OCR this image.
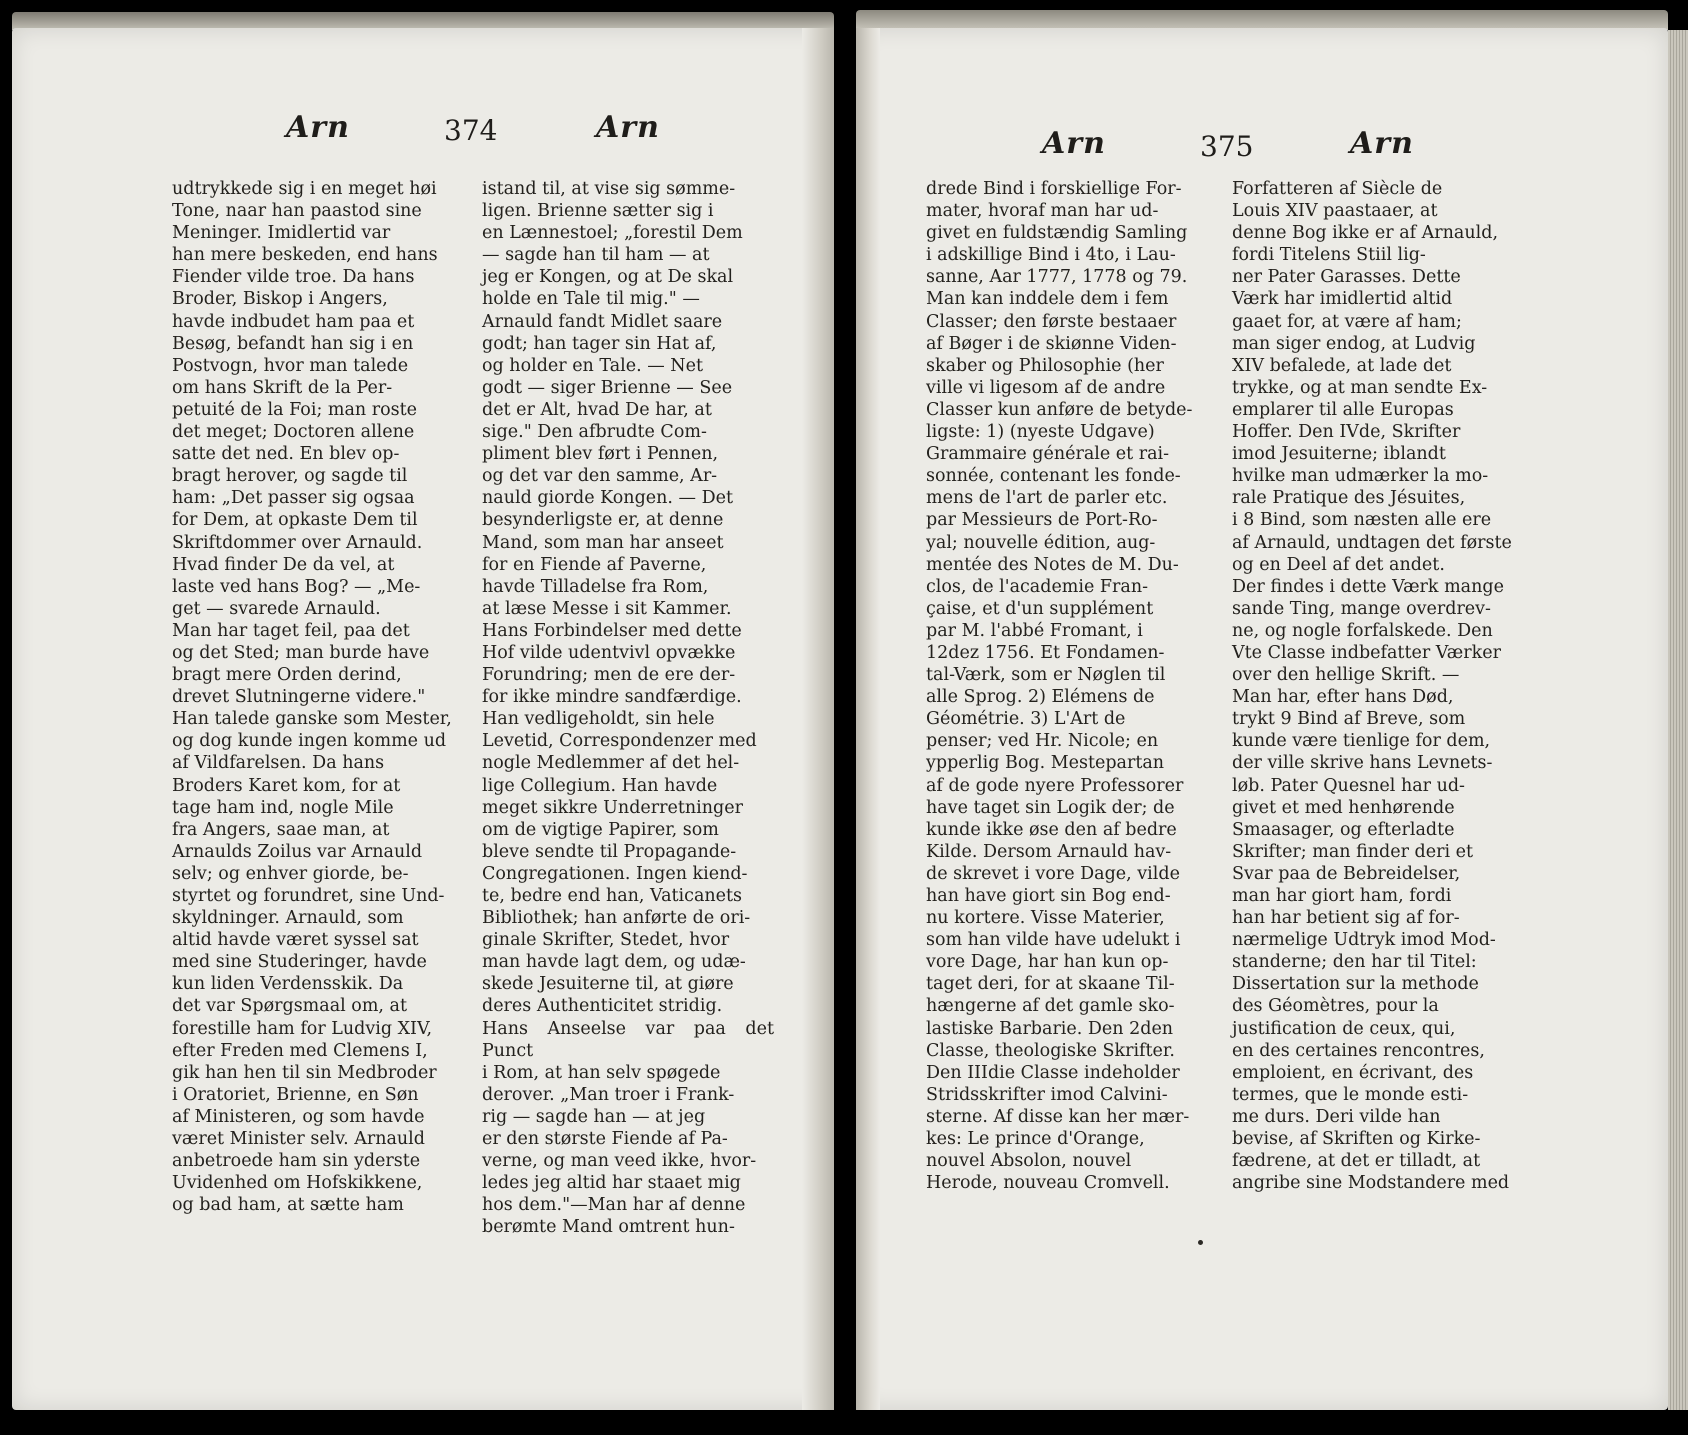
Arn	374	Arn	Arn	375	Arn
udtrykkede sig i en meget høi
Tone, naar han paastod sine
Meninger. Imidlertid var
han mere beskeden, end hans
Fiender vilde troe. Da hans
Broder, Biskop i Angers,
havde indbudet ham paa et
Besøg, befandt han sig i en
Postvogn, hvor man talede
om hans Skrift de la Per-
petuité de la Foi; man roste
det meget; Doctoren allene
satte det ned. En blev op-
bragt herover, og sagde til
ham: „Det passer sig ogsaa
for Dem, at opkaste Dem til
Skriftdommer over Arnauld.
Hvad finder De da vel, at
laste ved hans Bog? — „Me-
get — svarede Arnauld.
Man har taget feil, paa det
og det Sted; man burde have
bragt mere Orden derind,
drevet Slutningerne videre."
Han talede ganske som Mester,
og dog kunde ingen komme ud
af Vildfarelsen. Da hans
Broders Karet kom, for at
tage ham ind, nogle Mile
fra Angers, saae man, at
Arnaulds Zoilus var Arnauld
selv; og enhver giorde, be-
styrtet og forundret, sine Und-
skyldninger. Arnauld, som
altid havde været syssel sat
med sine Studeringer, havde
kun liden Verdensskik. Da
det var Spørgsmaal om, at
forestille ham for Ludvig XIV,
efter Freden med Clemens I,
gik han hen til sin Medbroder
i Oratoriet, Brienne, en Søn
af Ministeren, og som havde
været Minister selv. Arnauld
anbetroede ham sin yderste
Uvidenhed om Hofskikkene,
og bad ham, at sætte ham
istand til, at vise sig sømme-
ligen. Brienne sætter sig i
en Lænnestoel; „forestil Dem
— sagde han til ham — at
jeg er Kongen, og at De skal
holde en Tale til mig." —
Arnauld fandt Midlet saare
godt; han tager sin Hat af,
og holder en Tale. — Net
godt — siger Brienne — See
det er Alt, hvad De har, at
sige." Den afbrudte Com-
pliment blev ført i Pennen,
og det var den samme, Ar-
nauld giorde Kongen. — Det
besynderligste er, at denne
Mand, som man har anseet
for en Fiende af Paverne,
havde Tilladelse fra Rom,
at læse Messe i sit Kammer.
Hans Forbindelser med dette
Hof vilde udentvivl opvække
Forundring; men de ere der-
for ikke mindre sandfærdige.
Han vedligeholdt, sin hele
Levetid, Correspondenzer med
nogle Medlemmer af det hel-
lige Collegium. Han havde
meget sikkre Underretninger
om de vigtige Papirer, som
bleve sendte til Propagande-
Congregationen. Ingen kiend-
te, bedre end han, Vaticanets
Bibliothek; han anførte de ori-
ginale Skrifter, Stedet, hvor
man havde lagt dem, og udæ-
skede Jesuiterne til, at giøre
deres Authenticitet stridig.
Hans Anseelse var paa det Punct
i Rom, at han selv spøgede
derover. „Man troer i Frank-
rig — sagde han — at jeg
er den største Fiende af Pa-
verne, og man veed ikke, hvor-
ledes jeg altid har staaet mig
hos dem."—Man har af denne
berømte Mand omtrent hun-
drede Bind i forskiellige For-
mater, hvoraf man har ud-
givet en fuldstændig Samling
i adskillige Bind i 4to, i Lau-
sanne, Aar 1777, 1778 og 79.
Man kan inddele dem i fem
Classer; den første bestaaer
af Bøger i de skiønne Viden-
skaber og Philosophie (her
ville vi ligesom af de andre
Classer kun anføre de betyde-
ligste: 1) (nyeste Udgave)
Grammaire générale et rai-
sonnée, contenant les fonde-
mens de l'art de parler etc.
par Messieurs de Port-Ro-
yal; nouvelle édition, aug-
mentée des Notes de M. Du-
clos, de l'academie Fran-
çaise, et d'un supplément
par M. l'abbé Fromant, i
12dez 1756. Et Fondamen-
tal-Værk, som er Nøglen til
alle Sprog. 2) Elémens de
Géométrie. 3) L'Art de
penser; ved Hr. Nicole; en
ypperlig Bog. Mestepartan
af de gode nyere Professorer
have taget sin Logik der; de
kunde ikke øse den af bedre
Kilde. Dersom Arnauld hav-
de skrevet i vore Dage, vilde
han have giort sin Bog end-
nu kortere. Visse Materier,
som han vilde have udelukt i
vore Dage, har han kun op-
taget deri, for at skaane Til-
hængerne af det gamle sko-
lastiske Barbarie. Den 2den
Classe, theologiske Skrifter.
Den IIIdie Classe indeholder
Stridsskrifter imod Calvini-
sterne. Af disse kan her mær-
kes: Le prince d'Orange,
nouvel Absolon, nouvel
Herode, nouveau Cromvell.
Forfatteren af Siècle de
Louis XIV paastaaer, at
denne Bog ikke er af Arnauld,
fordi Titelens Stiil lig-
ner Pater Garasses. Dette
Værk har imidlertid altid
gaaet for, at være af ham;
man siger endog, at Ludvig
XIV befalede, at lade det
trykke, og at man sendte Ex-
emplarer til alle Europas
Hoffer. Den IVde, Skrifter
imod Jesuiterne; iblandt
hvilke man udmærker la mo-
rale Pratique des Jésuites,
i 8 Bind, som næsten alle ere
af Arnauld, undtagen det første
og en Deel af det andet.
Der findes i dette Værk mange
sande Ting, mange overdrev-
ne, og nogle forfalskede. Den
Vte Classe indbefatter Værker
over den hellige Skrift. —
Man har, efter hans Død,
trykt 9 Bind af Breve, som
kunde være tienlige for dem,
der ville skrive hans Levnets-
løb. Pater Quesnel har ud-
givet et med henhørende
Smaasager, og efterladte
Skrifter; man finder deri et
Svar paa de Bebreidelser,
man har giort ham, fordi
han har betient sig af for-
nærmelige Udtryk imod Mod-
standerne; den har til Titel:
Dissertation sur la methode
des Géomètres, pour la
justification de ceux, qui,
en des certaines rencontres,
emploient, en écrivant, des
termes, que le monde esti-
me durs. Deri vilde han
bevise, af Skriften og Kirke-
fædrene, at det er tilladt, at
angribe sine Modstandere med
